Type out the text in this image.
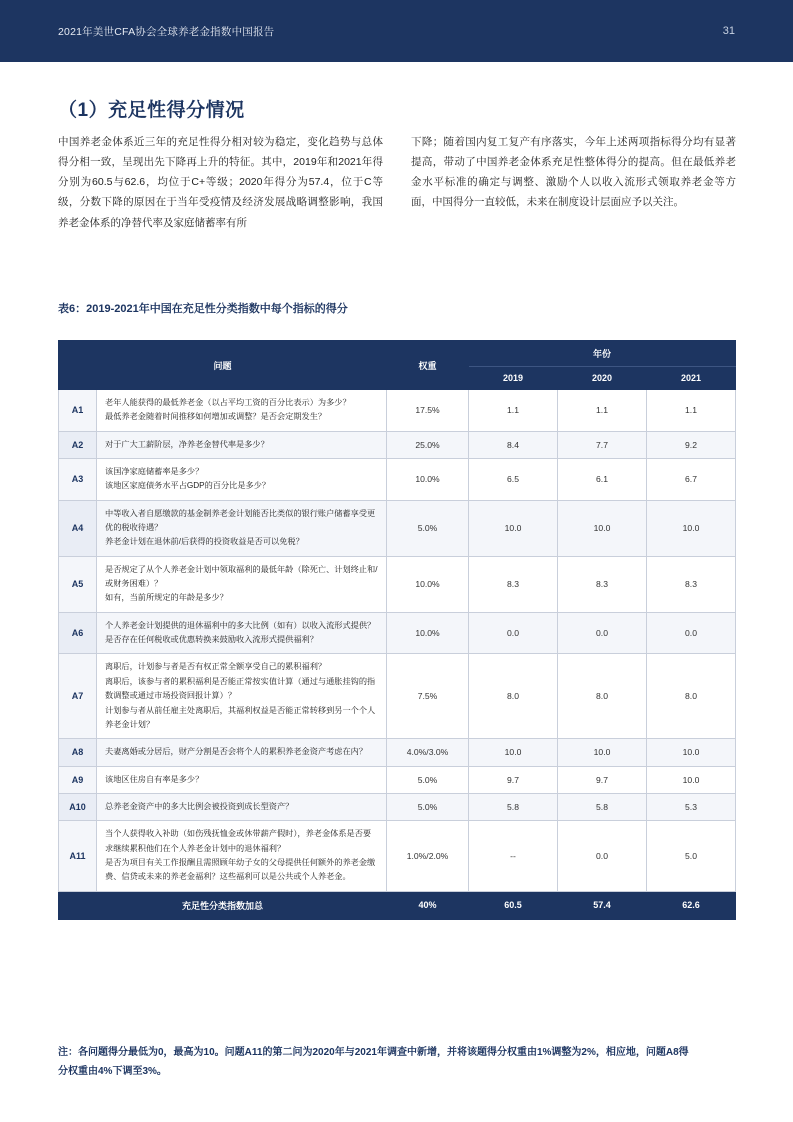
2021年美世CFA协会全球养老金指数中国报告	31
（1）充足性得分情况
中国养老金体系近三年的充足性得分相对较为稳定，变化趋势与总体得分相一致，呈现出先下降再上升的特征。其中，2019年和2021年得分别为60.5与62.6，均位于C+等级；2020年得分为57.4，位于C等级，分数下降的原因在于当年受疫情及经济发展战略调整影响，我国养老金体系的净替代率及家庭储蓄率有所
下降；随着国内复工复产有序落实，今年上述两项指标得分均有显著提高，带动了中国养老金体系充足性整体得分的提高。但在最低养老金水平标准的确定与调整、激励个人以收入流形式领取养老金等方面，中国得分一直较低，未来在制度设计层面应予以关注。
表6：2019-2021年中国在充足性分类指数中每个指标的得分
问题		权重	年份		
			2019	2020	2021
A1	老年人能获得的最低养老金（以占平均工资的百分比表示）为多少？

最低养老金随着时间推移如何增加或调整？是否会定期发生？	17.5%	1.1	1.1	1.1
A2	对于广大工薪阶层，净养老金替代率是多少？	25.0%	8.4	7.7	9.2
A3	该国净家庭储蓄率是多少？

该地区家庭债务水平占GDP的百分比是多少？	10.0%	6.5	6.1	6.7
A4	中等收入者自愿缴款的基金制养老金计划能否比类似的银行账户储蓄享受更优的税收待遇？

养老金计划在退休前/后获得的投资收益是否可以免税？	5.0%	10.0	10.0	10.0
A5	是否规定了从个人养老金计划中领取福利的最低年龄（除死亡、计划终止和/或财务困难）？

如有，当前所规定的年龄是多少？	10.0%	8.3	8.3	8.3
A6	个人养老金计划提供的退休福利中的多大比例（如有）以收入流形式提供？

是否存在任何税收或优惠转换来鼓励收入流形式提供福利？	10.0%	0.0	0.0	0.0
A7	离职后，计划参与者是否有权正常全额享受自己的累积福利？

离职后，该参与者的累积福利是否能正常按实值计算（通过与通胀挂钩的指数调整或通过市场投资回报计算）？

计划参与者从前任雇主处离职后，其福利权益是否能正常转移到另一个个人养老金计划？	7.5%	8.0	8.0	8.0
A8	夫妻离婚或分居后，财产分割是否会将个人的累积养老金资产考虑在内？	4.0%/3.0%	10.0	10.0	10.0
A9	该地区住房自有率是多少？	5.0%	9.7	9.7	10.0
A10	总养老金资产中的多大比例会被投资到成长型资产？	5.0%	5.8	5.8	5.3
A11	当个人获得收入补助（如伤残抚恤金或休带薪产假时），养老金体系是否要求继续累积他们在个人养老金计划中的退休福利？

是否为项目有关工作报酬且需照顾年幼子女的父母提供任何额外的养老金缴费、信贷或未来的养老金福利？这些福利可以是公共或个人养老金。	1.0%/2.0%	--	0.0	5.0
充足性分类指数加总		40%	60.5	57.4	62.6
注：各问题得分最低为0，最高为10。问题A11的第二问为2020年与2021年调查中新增，并将该题得分权重由1%调整为2%，相应地，问题A8得分权重由4%下调至3%。
